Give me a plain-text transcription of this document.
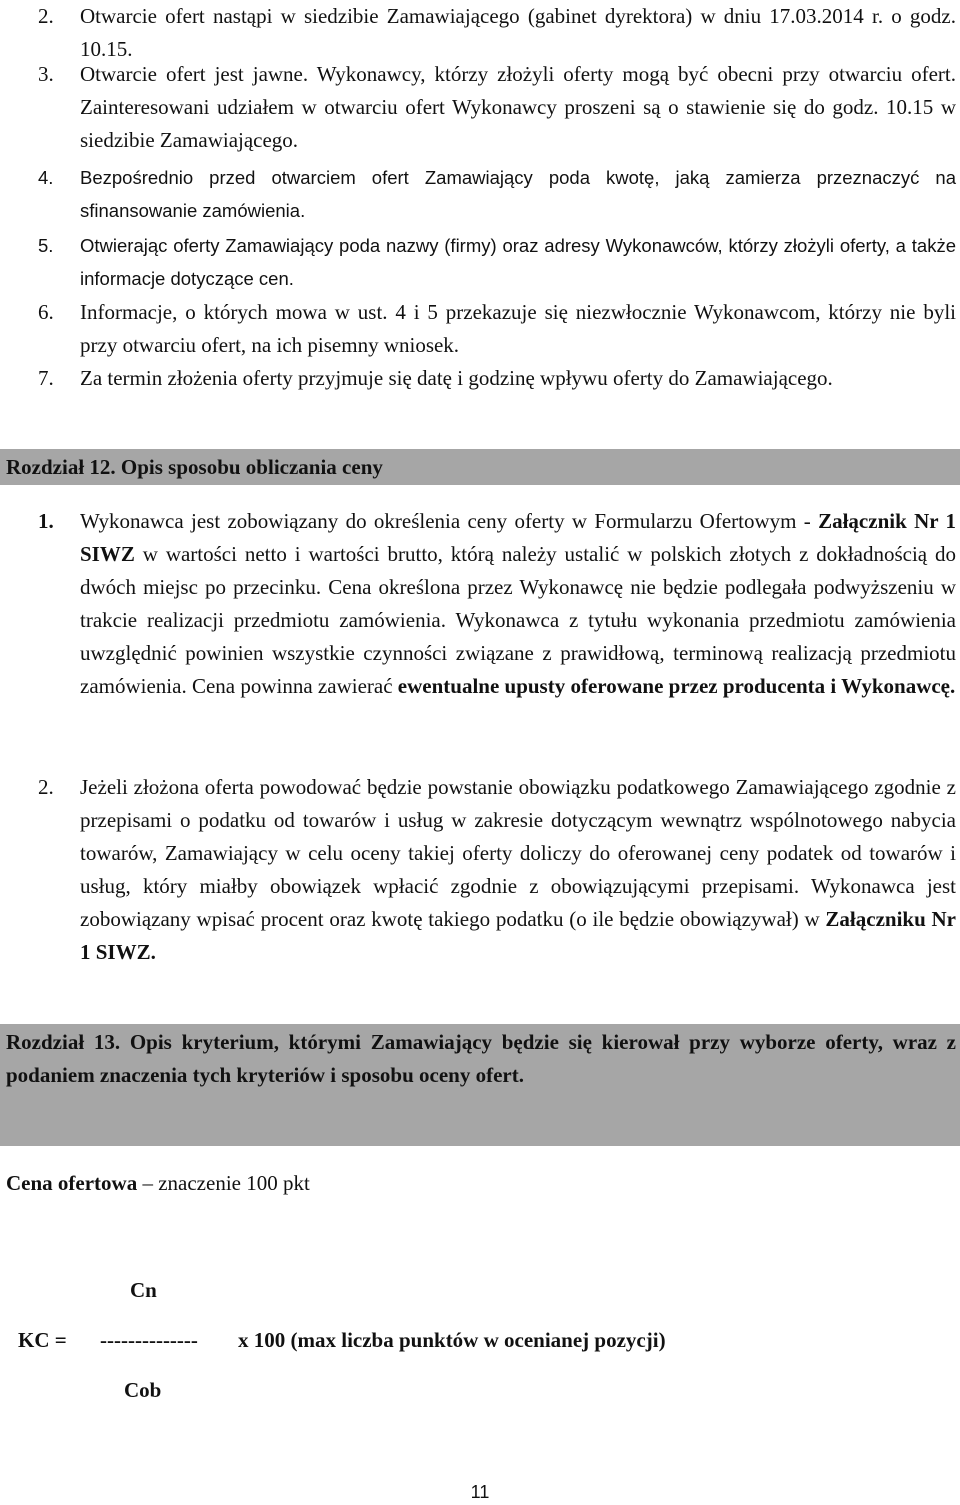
2. Otwarcie ofert nastąpi w siedzibie Zamawiającego (gabinet dyrektora) w dniu 17.03.2014 r. o godz. 10.15.
3. Otwarcie ofert jest jawne. Wykonawcy, którzy złożyli oferty mogą być obecni przy otwarciu ofert. Zainteresowani udziałem w otwarciu ofert Wykonawcy proszeni są o stawienie się do godz. 10.15 w siedzibie Zamawiającego.
4. Bezpośrednio przed otwarciem ofert Zamawiający poda kwotę, jaką zamierza przeznaczyć na sfinansowanie zamówienia.
5. Otwierając oferty Zamawiający poda nazwy (firmy) oraz adresy Wykonawców, którzy złożyli oferty, a także informacje dotyczące cen.
6. Informacje, o których mowa w ust. 4 i 5 przekazuje się niezwłocznie Wykonawcom, którzy nie byli przy otwarciu ofert, na ich pisemny wniosek.
7. Za termin złożenia oferty przyjmuje się datę i godzinę wpływu oferty do Zamawiającego.
Rozdział 12. Opis sposobu obliczania ceny
1. Wykonawca jest zobowiązany do określenia ceny oferty w Formularzu Ofertowym - Załącznik Nr 1 SIWZ w wartości netto i wartości brutto, którą należy ustalić w polskich złotych z dokładnością do dwóch miejsc po przecinku. Cena określona przez Wykonawcę nie będzie podlegała podwyższeniu w trakcie realizacji przedmiotu zamówienia. Wykonawca z tytułu wykonania przedmiotu zamówienia uwzględnić powinien wszystkie czynności związane z prawidłową, terminową realizacją przedmiotu zamówienia. Cena powinna zawierać ewentualne upusty oferowane przez producenta i Wykonawcę.
2. Jeżeli złożona oferta powodować będzie powstanie obowiązku podatkowego Zamawiającego zgodnie z przepisami o podatku od towarów i usług w zakresie dotyczącym wewnątrz wspólnotowego nabycia towarów, Zamawiający w celu oceny takiej oferty doliczy do oferowanej ceny podatek od towarów i usług, który miałby obowiązek wpłacić zgodnie z obowiązującymi przepisami. Wykonawca jest zobowiązany wpisać procent oraz kwotę takiego podatku (o ile będzie obowiązywał) w Załączniku Nr 1 SIWZ.
Rozdział 13. Opis kryterium, którymi Zamawiający będzie się kierował przy wyborze oferty, wraz z podaniem znaczenia tych kryteriów i sposobu oceny ofert.
Cena ofertowa – znaczenie 100 pkt
Cn
KC = -------------- x 100 (max liczba punktów w ocenianej pozycji)
Cob
11
